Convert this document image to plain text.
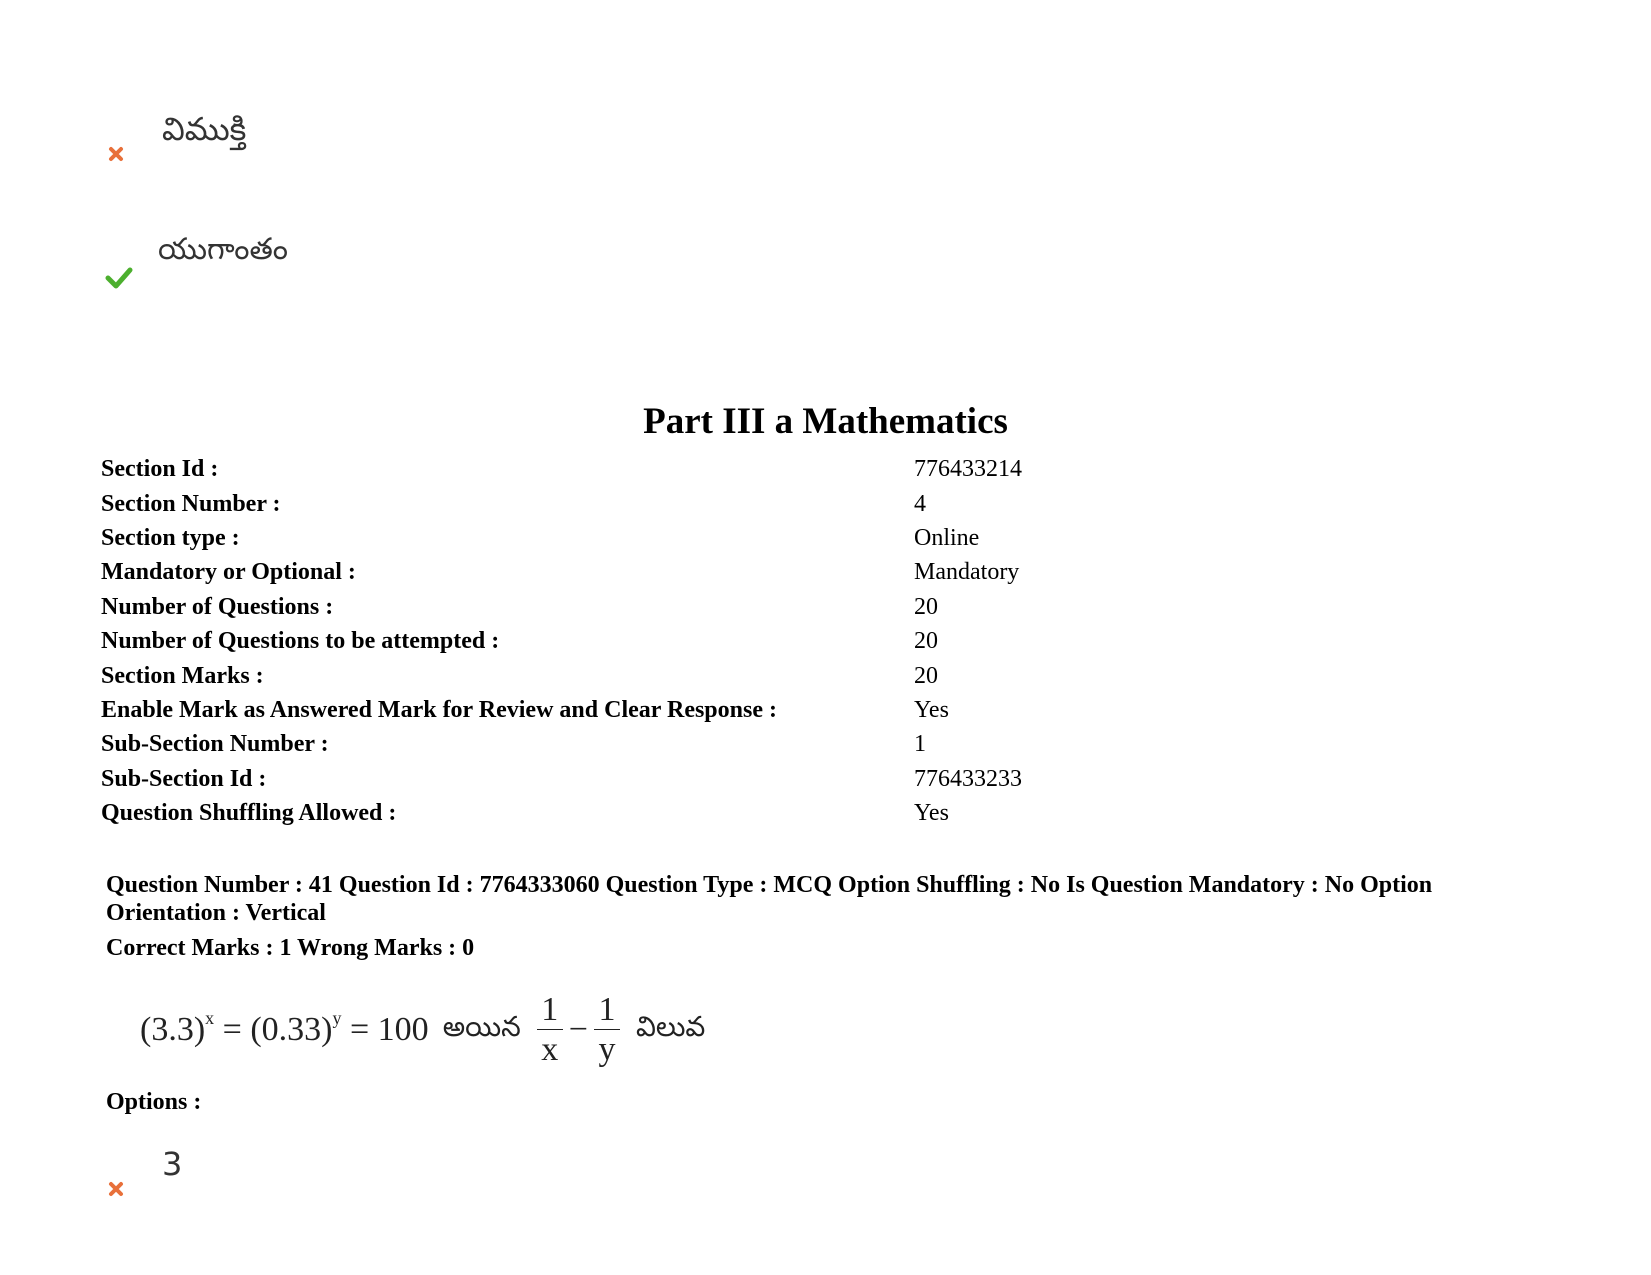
విముక్తి
యుగాంతం
Part III a Mathematics
Section Id :	776433214
Section Number :	4
Section type :	Online
Mandatory or Optional :	Mandatory
Number of Questions :	20
Number of Questions to be attempted :	20
Section Marks :	20
Enable Mark as Answered Mark for Review and Clear Response :	Yes
Sub-Section Number :	1
Sub-Section Id :	776433233
Question Shuffling Allowed :	Yes
Question Number : 41 Question Id : 7764333060 Question Type : MCQ Option Shuffling : No Is Question Mandatory : No Option Orientation : Vertical
Correct Marks : 1 Wrong Marks : 0
$(3.3)^x = (0.33)^y = 100$ అయిన $\frac{1}{x} - \frac{1}{y}$ విలువ
Options :
3
